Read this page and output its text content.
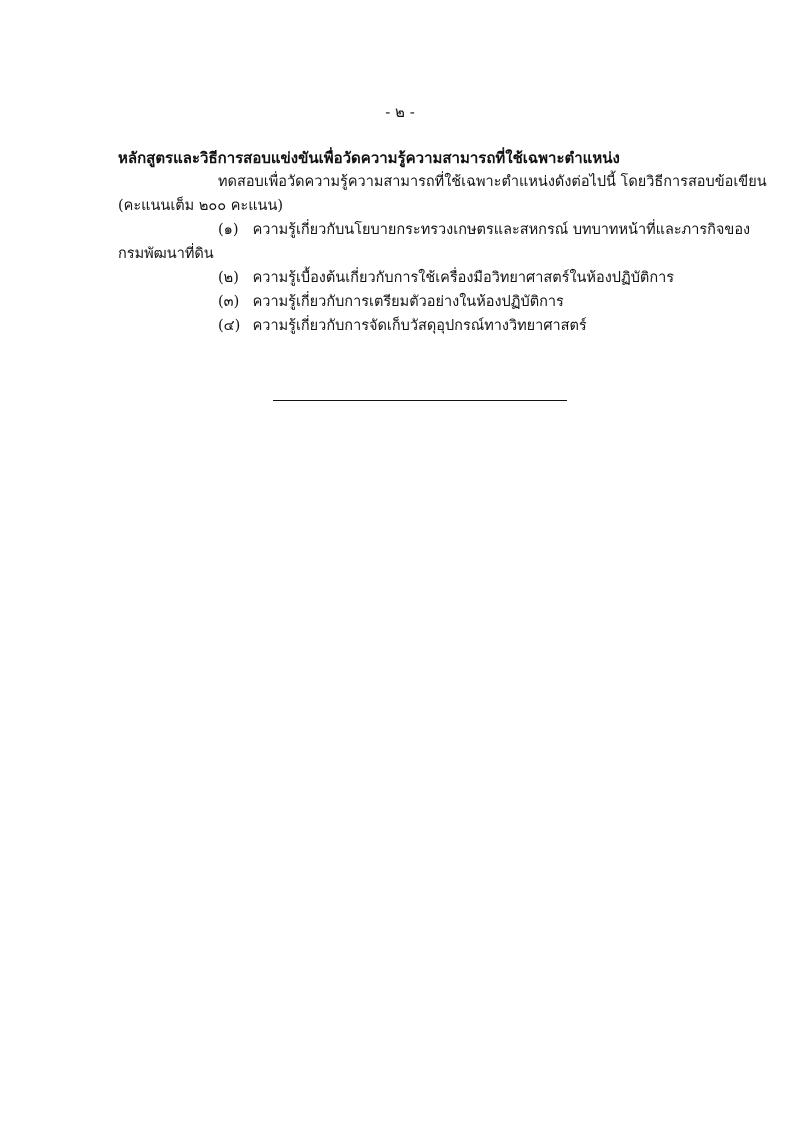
- ๒ -
หลักสูตรและวิธีการสอบแข่งขันเพื่อวัดความรู้ความสามารถที่ใช้เฉพาะตำแหน่ง
ทดสอบเพื่อวัดความรู้ความสามารถที่ใช้เฉพาะตำแหน่งดังต่อไปนี้ โดยวิธีการสอบข้อเขียน
(คะแนนเต็ม ๒๐๐ คะแนน)
(๑) ความรู้เกี่ยวกับนโยบายกระทรวงเกษตรและสหกรณ์ บทบาทหน้าที่และภารกิจของ
กรมพัฒนาที่ดิน
(๒) ความรู้เบื้องต้นเกี่ยวกับการใช้เครื่องมือวิทยาศาสตร์ในห้องปฏิบัติการ
(๓) ความรู้เกี่ยวกับการเตรียมตัวอย่างในห้องปฏิบัติการ
(๔) ความรู้เกี่ยวกับการจัดเก็บวัสดุอุปกรณ์ทางวิทยาศาสตร์
